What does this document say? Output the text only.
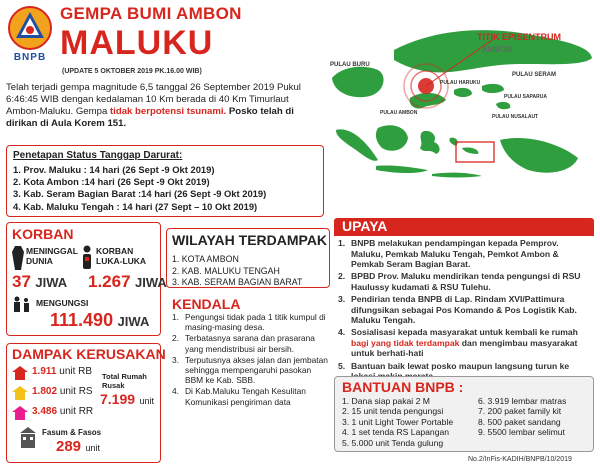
BNPB
GEMPA BUMI AMBON
MALUKU
(UPDATE 5 OKTOBER 2019 PK.16.00 WIB)
Telah terjadi gempa magnitude 6,5 tanggal 26 September 2019 Pukul 6:46:45 WIB dengan kedalaman 10 Km berada di 40 Km Timurlaut Ambon-Maluku. Gempa tidak berpotensi tsunami. Posko telah di dirikan di Aula Korem 151.
TITIK EPISENTRUM
AMBON
PULAU BURU
PULAU SERAM
PULAU HARUKU
PULAU SAPARUA
PULAU AMBON
PULAU NUSALAUT
Penetapan Status Tanggap Darurat:
1. Prov. Maluku : 14 hari (26 Sept -9 Okt 2019)
2. Kota Ambon :14 hari (26 Sept -9 Okt 2019)
3. Kab. Seram Bagian Barat :14 hari (26 Sept -9 Okt 2019)
4. Kab. Maluku Tengah : 14 hari (27 Sept – 10 Okt 2019)
KORBAN
MENINGGAL DUNIA
KORBAN LUKA-LUKA
37 JIWA 1.267 JIWA
MENGUNGSI
111.490 JIWA
DAMPAK KERUSAKAN
1.911 unit RB
1.802 unit RS
3.486 unit RR
Total Rumah Rusak
7.199 unit
Fasum & Fasos
289 unit
WILAYAH TERDAMPAK
1. KOTA AMBON
2. KAB. MALUKU TENGAH
3. KAB. SERAM BAGIAN BARAT
KENDALA
1. Pengungsi tidak pada 1 titik kumpul di masing-masing desa.
2. Terbatasnya sarana dan prasarana yang mendistribusi air bersih.
3. Terputusnya akses jalan dan jembatan sehingga mempengaruhi pasokan BBM ke Kab. SBB.
4. Di Kab.Maluku Tengah Kesulitan Komunikasi pengiriman data
UPAYA
1. BNPB melakukan pendampingan kepada Pemprov. Maluku, Pemkab Maluku Tengah, Pemkot Ambon & Pemkab Seram Bagian Barat.
2. BPBD Prov. Maluku mendirikan tenda pengungsi di RSU Haulussy kudamati & RSU Tulehu.
3. Pendirian tenda BNPB di Lap. Rindam XVI/Pattimura difungsikan sebagai Pos Komando & Pos Logistik Kab. Maluku Tengah.
4. Sosialisasi kepada masyarakat untuk kembali ke rumah bagi yang tidak terdampak dan mengimbau masyarakat untuk berhati-hati
5. Bantuan baik lewat posko maupun langsung turun ke
BANTUAN BNPB :
1. Dana siap pakai 2 M
2. 15 unit tenda pengungsi
3. 1 unit Light Tower Portable
4. 1 set tenda RS Lapangan
5. 5.000 unit Tenda gulung
6. 3.919 lembar matras
7. 200 paket family kit
8. 500 paket sandang
9. 5500 lembar selimut
No.2/InFis-KADIH/BNPB/10/2019
